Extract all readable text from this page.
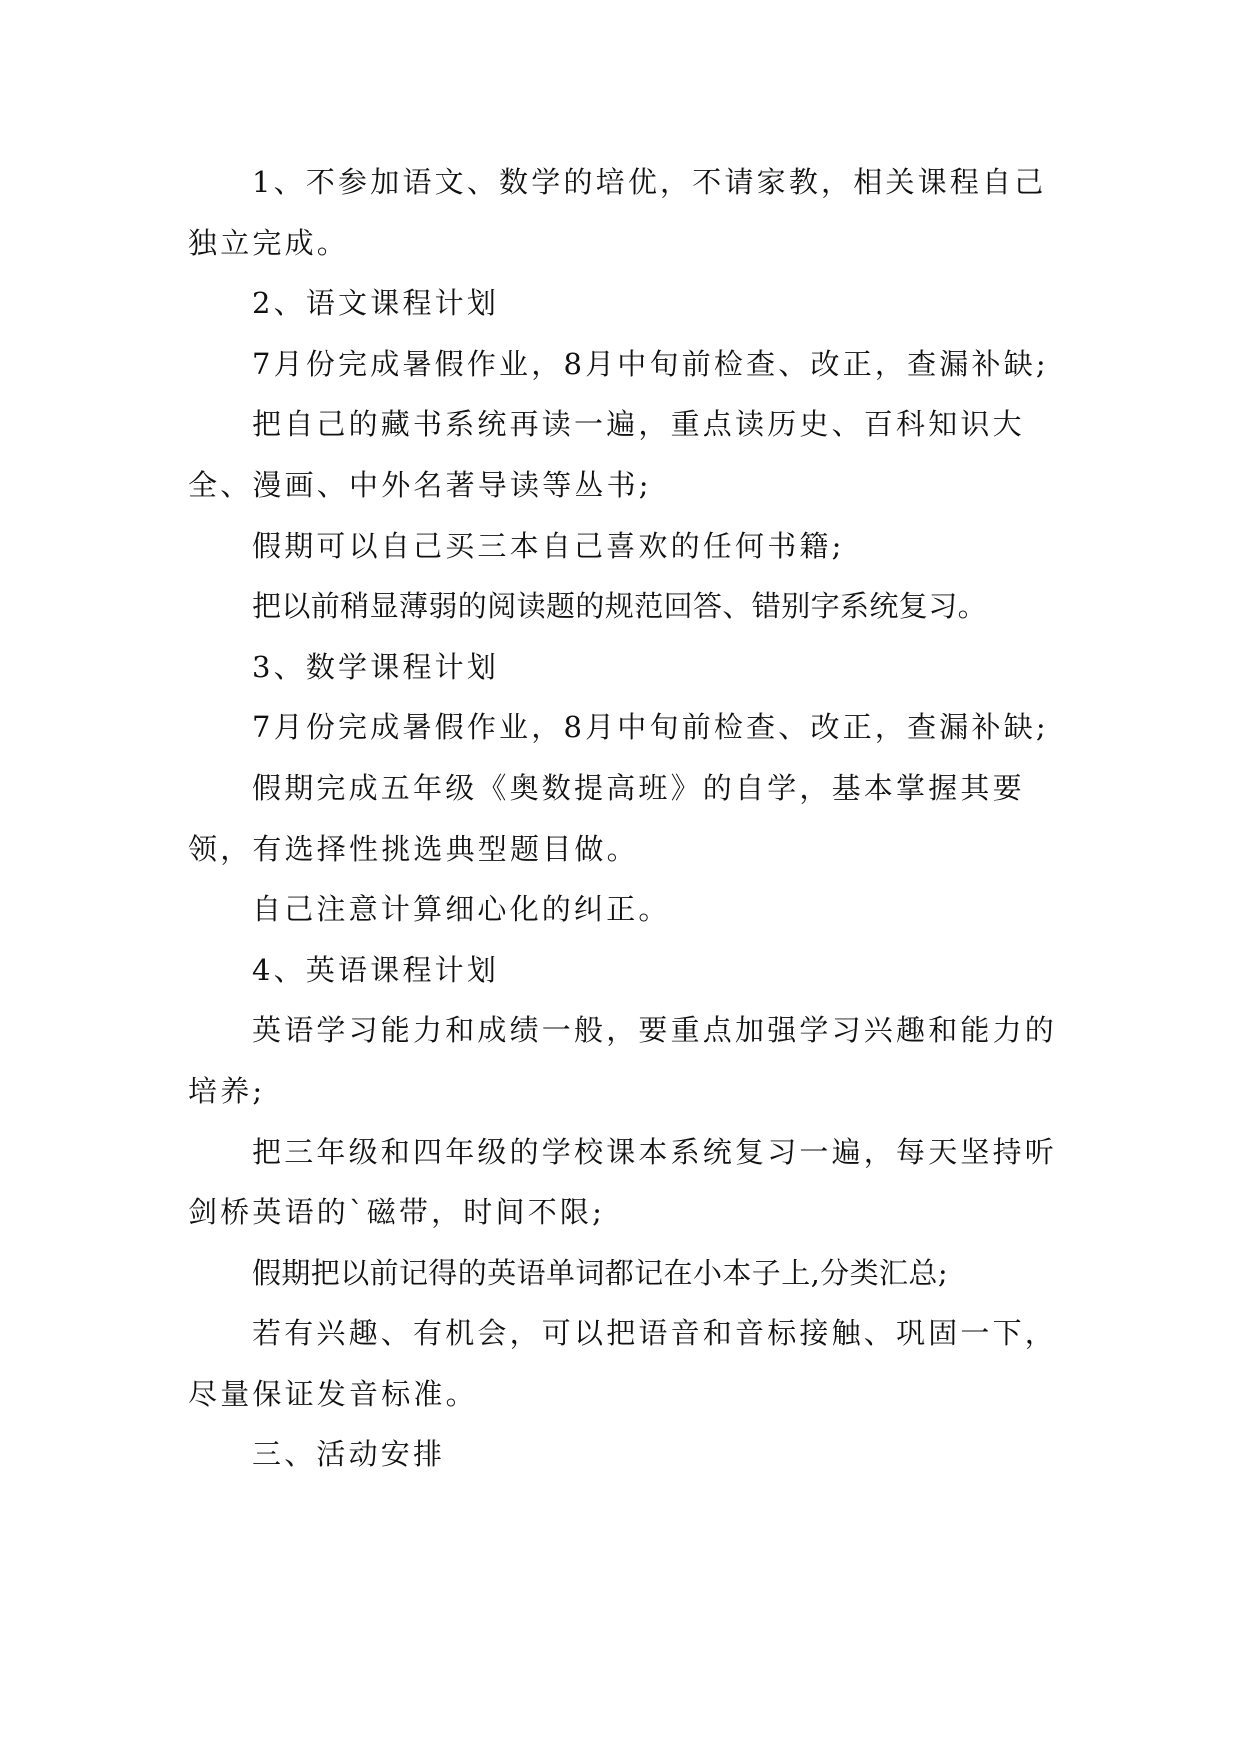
1、不参加语文、数学的培优，不请家教，相关课程自己独立完成。

2、语文课程计划

7月份完成暑假作业，8月中旬前检查、改正，查漏补缺;

把自己的藏书系统再读一遍，重点读历史、百科知识大全、漫画、中外名著导读等丛书;

假期可以自己买三本自己喜欢的任何书籍;

把以前稍显薄弱的阅读题的规范回答、错别字系统复习。

3、数学课程计划

7月份完成暑假作业，8月中旬前检查、改正，查漏补缺;

假期完成五年级《奥数提高班》的自学，基本掌握其要领，有选择性挑选典型题目做。

自己注意计算细心化的纠正。

4、英语课程计划

英语学习能力和成绩一般，要重点加强学习兴趣和能力的培养;

把三年级和四年级的学校课本系统复习一遍，每天坚持听剑桥英语的`磁带，时间不限;

假期把以前记得的英语单词都记在小本子上,分类汇总;

若有兴趣、有机会，可以把语音和音标接触、巩固一下，尽量保证发音标准。

三、活动安排
